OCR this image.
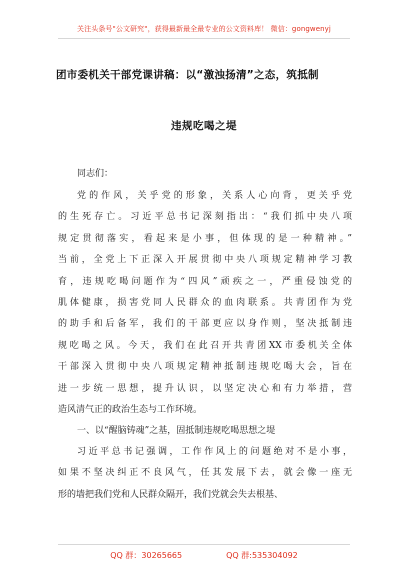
关注头条号"公文研究"，获得最新最全最专业的公文资料库！ 微信：gongwenyj
团市委机关干部党课讲稿：以“激浊扬清”之态，筑抵制
违规吃喝之堤
同志们：
党的作风，关乎党的形象，关系人心向背，更关乎党
的生死存亡。习近平总书记深刻指出：“我们抓中央八项
规定贯彻落实，看起来是小事，但体现的是一种精神。”
当前，全党上下正深入开展贯彻中央八项规定精神学习教
育，违规吃喝问题作为“四风”顽疾之一，严重侵蚀党的
肌体健康，损害党同人民群众的血肉联系。共青团作为党
的助手和后备军，我们的干部更应以身作则，坚决抵制违
规吃喝之风。今天，我们在此召开共青团XX市委机关全体
干部深入贯彻中央八项规定精神抵制违规吃喝大会，旨在
进一步统一思想，提升认识，以坚定决心和有力举措，营
造风清气正的政治生态与工作环境。
一、以“醒脑铸魂”之基，固抵制违规吃喝思想之堤
习近平总书记强调，工作作风上的问题绝对不是小事，
如果不坚决纠正不良风气，任其发展下去，就会像一座无
形的墙把我们党和人民群众隔开，我们党就会失去根基、
QQ 群：30265665	QQ 群:535304092
